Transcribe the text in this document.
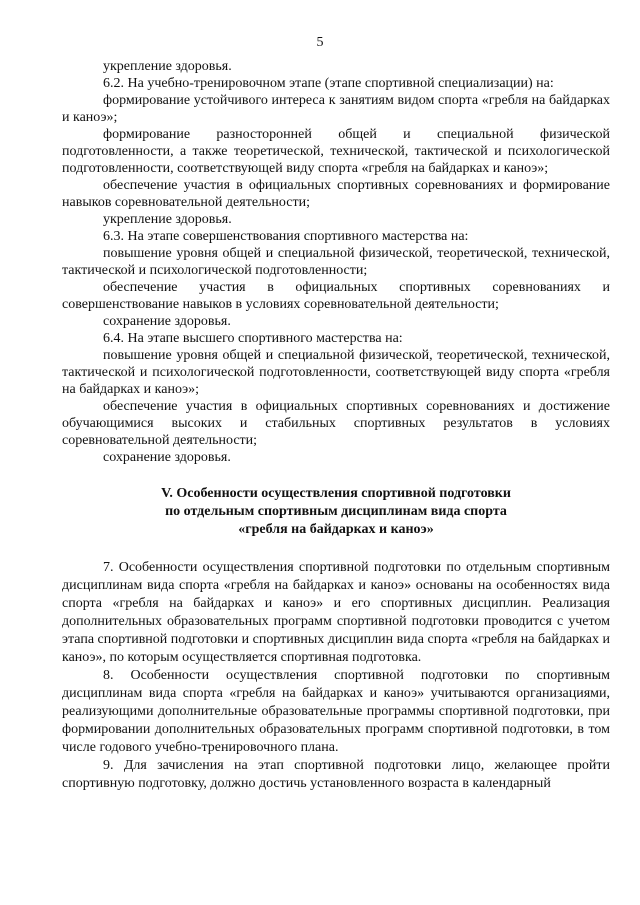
5

укрепление здоровья.

6.2. На учебно-тренировочном этапе (этапе спортивной специализации) на:

формирование устойчивого интереса к занятиям видом спорта «гребля на байдарках и каноэ»;

формирование разносторонней общей и специальной физической подготовленности, а также теоретической, технической, тактической и психологической подготовленности, соответствующей виду спорта «гребля на байдарках и каноэ»;

обеспечение участия в официальных спортивных соревнованиях и формирование навыков соревновательной деятельности;

укрепление здоровья.

6.3. На этапе совершенствования спортивного мастерства на:

повышение уровня общей и специальной физической, теоретической, технической, тактической и психологической подготовленности;

обеспечение участия в официальных спортивных соревнованиях и совершенствование навыков в условиях соревновательной деятельности;

сохранение здоровья.

6.4. На этапе высшего спортивного мастерства на:

повышение уровня общей и специальной физической, теоретической, технической, тактической и психологической подготовленности, соответствующей виду спорта «гребля на байдарках и каноэ»;

обеспечение участия в официальных спортивных соревнованиях и достижение обучающимися высоких и стабильных спортивных результатов в условиях соревновательной деятельности;

сохранение здоровья.

V. Особенности осуществления спортивной подготовки
по отдельным спортивным дисциплинам вида спорта
«гребля на байдарках и каноэ»

7. Особенности осуществления спортивной подготовки по отдельным спортивным дисциплинам вида спорта «гребля на байдарках и каноэ» основаны на особенностях вида спорта «гребля на байдарках и каноэ» и его спортивных дисциплин. Реализация дополнительных образовательных программ спортивной подготовки проводится с учетом этапа спортивной подготовки и спортивных дисциплин вида спорта «гребля на байдарках и каноэ», по которым осуществляется спортивная подготовка.

8. Особенности осуществления спортивной подготовки по спортивным дисциплинам вида спорта «гребля на байдарках и каноэ» учитываются организациями, реализующими дополнительные образовательные программы спортивной подготовки, при формировании дополнительных образовательных программ спортивной подготовки, в том числе годового учебно-тренировочного плана.

9. Для зачисления на этап спортивной подготовки лицо, желающее пройти спортивную подготовку, должно достичь установленного возраста в календарный
